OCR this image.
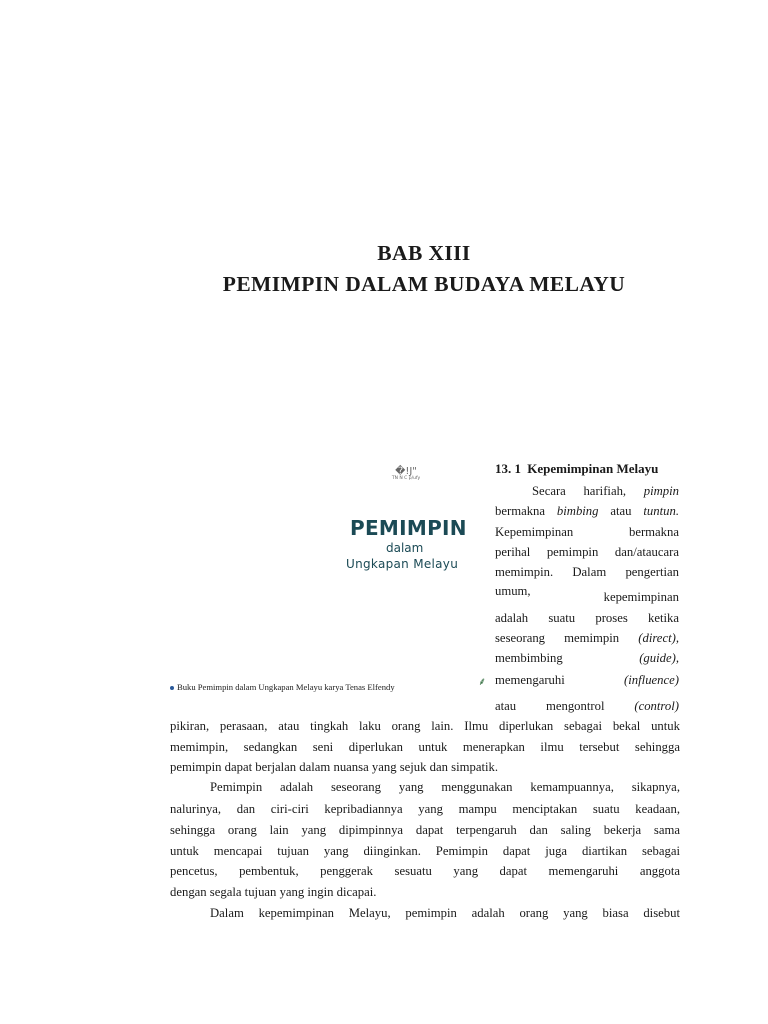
BAB XIII
PEMIMPIN DALAM BUDAYA MELAYU
�!J"
TN N C p/ufy
PEMIMPIN
dalam
Ungkapan Melayu
Buku Pemimpin dalam Ungkapan Melayu karya Tenas Elfendy	⸙
13. 1 Kepemimpinan Melayu
Secara harifiah, pimpin
bermakna bimbing atau tuntun.
Kepemimpinan bermakna
perihal pemimpin dan/ataucara
memimpin. Dalam pengertian
umum,	kepemimpinan
adalah suatu proses ketika
seseorang memimpin (direct),
membimbing	(guide),
memengaruhi	(influence)
atau mengontrol (control)
pikiran, perasaan, atau tingkah laku orang lain. Ilmu diperlukan sebagai bekal untuk
memimpin, sedangkan seni diperlukan untuk menerapkan ilmu tersebut sehingga
pemimpin dapat berjalan dalam nuansa yang sejuk dan simpatik.
Pemimpin adalah seseorang yang menggunakan kemampuannya, sikapnya,
nalurinya, dan ciri-ciri kepribadiannya yang mampu menciptakan suatu keadaan,
sehingga orang lain yang dipimpinnya dapat terpengaruh dan saling bekerja sama
untuk mencapai tujuan yang diinginkan. Pemimpin dapat juga diartikan sebagai
pencetus, pembentuk, penggerak sesuatu yang dapat memengaruhi anggota
dengan segala tujuan yang ingin dicapai.
Dalam kepemimpinan Melayu, pemimpin adalah orang yang biasa disebut
